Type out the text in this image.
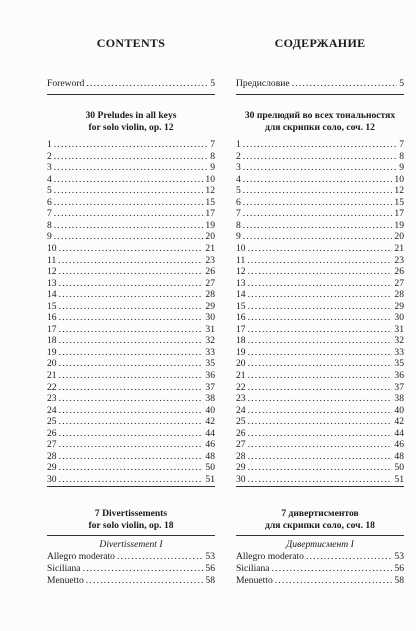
CONTENTS
Foreword .....	5
30 Preludes in all keys
for solo violin, op. 12
7 Divertissements
for solo violin, op. 18
Divertissement I
Allegro moderato .....	53
Siciliana .....	56
Menuetto .....	58
1 .....	7
2 .....	8
3 .....	9
4 .....	10
5 .....	12
6 .....	15
7 .....	17
8 .....	19
9 .....	20
10 .....	21
11 .....	23
12 .....	26
13 .....	27
14 .....	28
15 .....	29
16 .....	30
17 .....	31
18 .....	32
19 .....	33
20 .....	35
21 .....	36
22 .....	37
23 .....	38
24 .....	40
25 .....	42
26 .....	44
27 .....	46
28 .....	48
29 .....	50
30 .....	51
СОДЕРЖАНИЕ
Предисловие .....	5
30 прелюдий во всех тональностях
для скрипки соло, соч. 12
7 дивертисментов
для скрипки соло, соч. 18
Дивертисмент I
Allegro moderato .....	53
Siciliana .....	56
Menuetto .....	58
1 .....	7
2 .....	8
3 .....	9
4 .....	10
5 .....	12
6 .....	15
7 .....	17
8 .....	19
9 .....	20
10 .....	21
11 .....	23
12 .....	26
13 .....	27
14 .....	28
15 .....	29
16 .....	30
17 .....	31
18 .....	32
19 .....	33
20 .....	35
21 .....	36
22 .....	37
23 .....	38
24 .....	40
25 .....	42
26 .....	44
27 .....	46
28 .....	48
29 .....	50
30 .....	51
